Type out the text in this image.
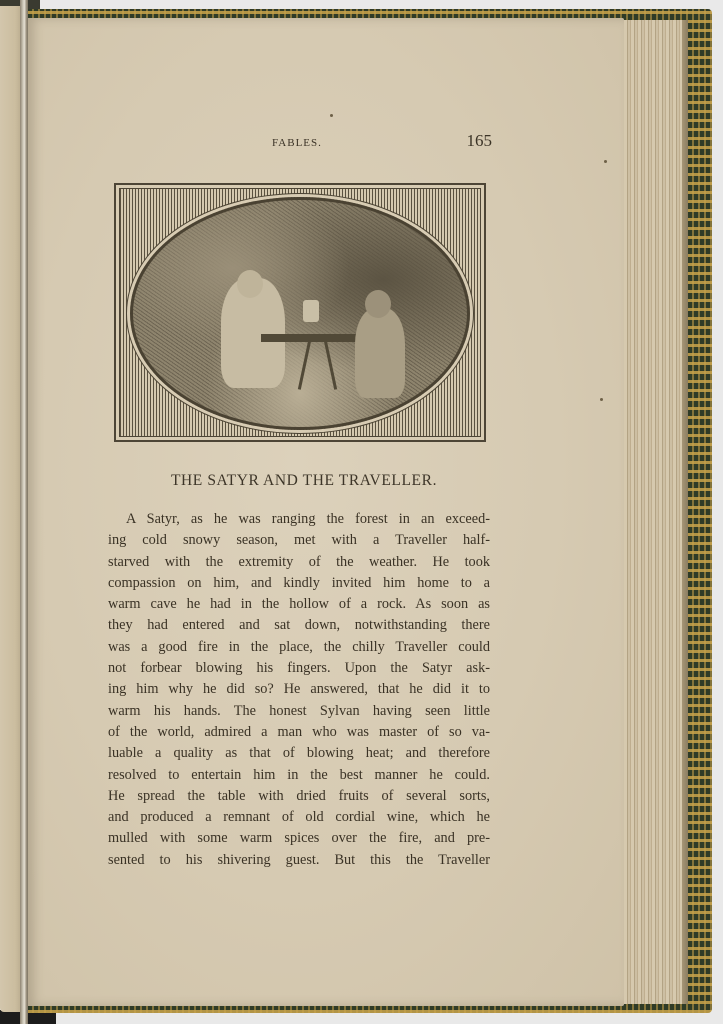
FABLES.	165
THE SATYR AND THE TRAVELLER.
A Satyr, as he was ranging the forest in an exceed-
ing cold snowy season, met with a Traveller half-
starved with the extremity of the weather. He took
compassion on him, and kindly invited him home to a
warm cave he had in the hollow of a rock. As soon as
they had entered and sat down, notwithstanding there
was a good fire in the place, the chilly Traveller could
not forbear blowing his fingers. Upon the Satyr ask-
ing him why he did so? He answered, that he did it to
warm his hands. The honest Sylvan having seen little
of the world, admired a man who was master of so va-
luable a quality as that of blowing heat; and therefore
resolved to entertain him in the best manner he could.
He spread the table with dried fruits of several sorts,
and produced a remnant of old cordial wine, which he
mulled with some warm spices over the fire, and pre-
sented to his shivering guest. But this the Traveller
